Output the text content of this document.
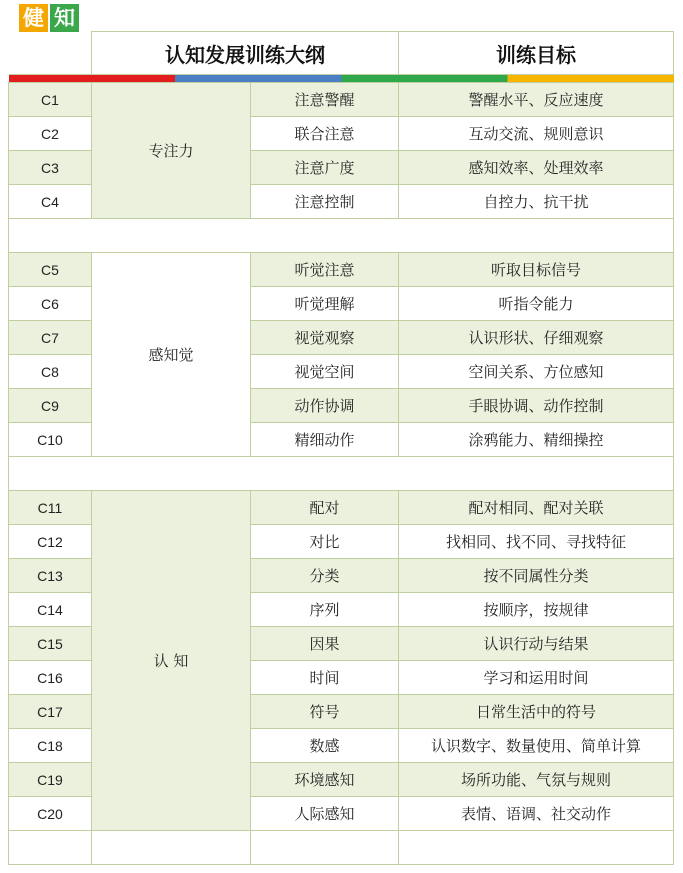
健 知
	认知发展训练大纲		训练目标

C1	专注力	注意警醒	警醒水平、反应速度
C2		联合注意	互动交流、规则意识
C3		注意广度	感知效率、处理效率
C4		注意控制	自控力、抗干扰

C5	感知觉	听觉注意	听取目标信号
C6		听觉理解	听指令能力
C7		视觉观察	认识形状、仔细观察
C8		视觉空间	空间关系、方位感知
C9		动作协调	手眼协调、动作控制
C10		精细动作	涂鸦能力、精细操控

C11	认 知	配对	配对相同、配对关联
C12		对比	找相同、找不同、寻找特征
C13		分类	按不同属性分类
C14		序列	按顺序，按规律
C15		因果	认识行动与结果
C16		时间	学习和运用时间
C17		符号	日常生活中的符号
C18		数感	认识数字、数量使用、简单计算
C19		环境感知	场所功能、气氛与规则
C20		人际感知	表情、语调、社交动作
